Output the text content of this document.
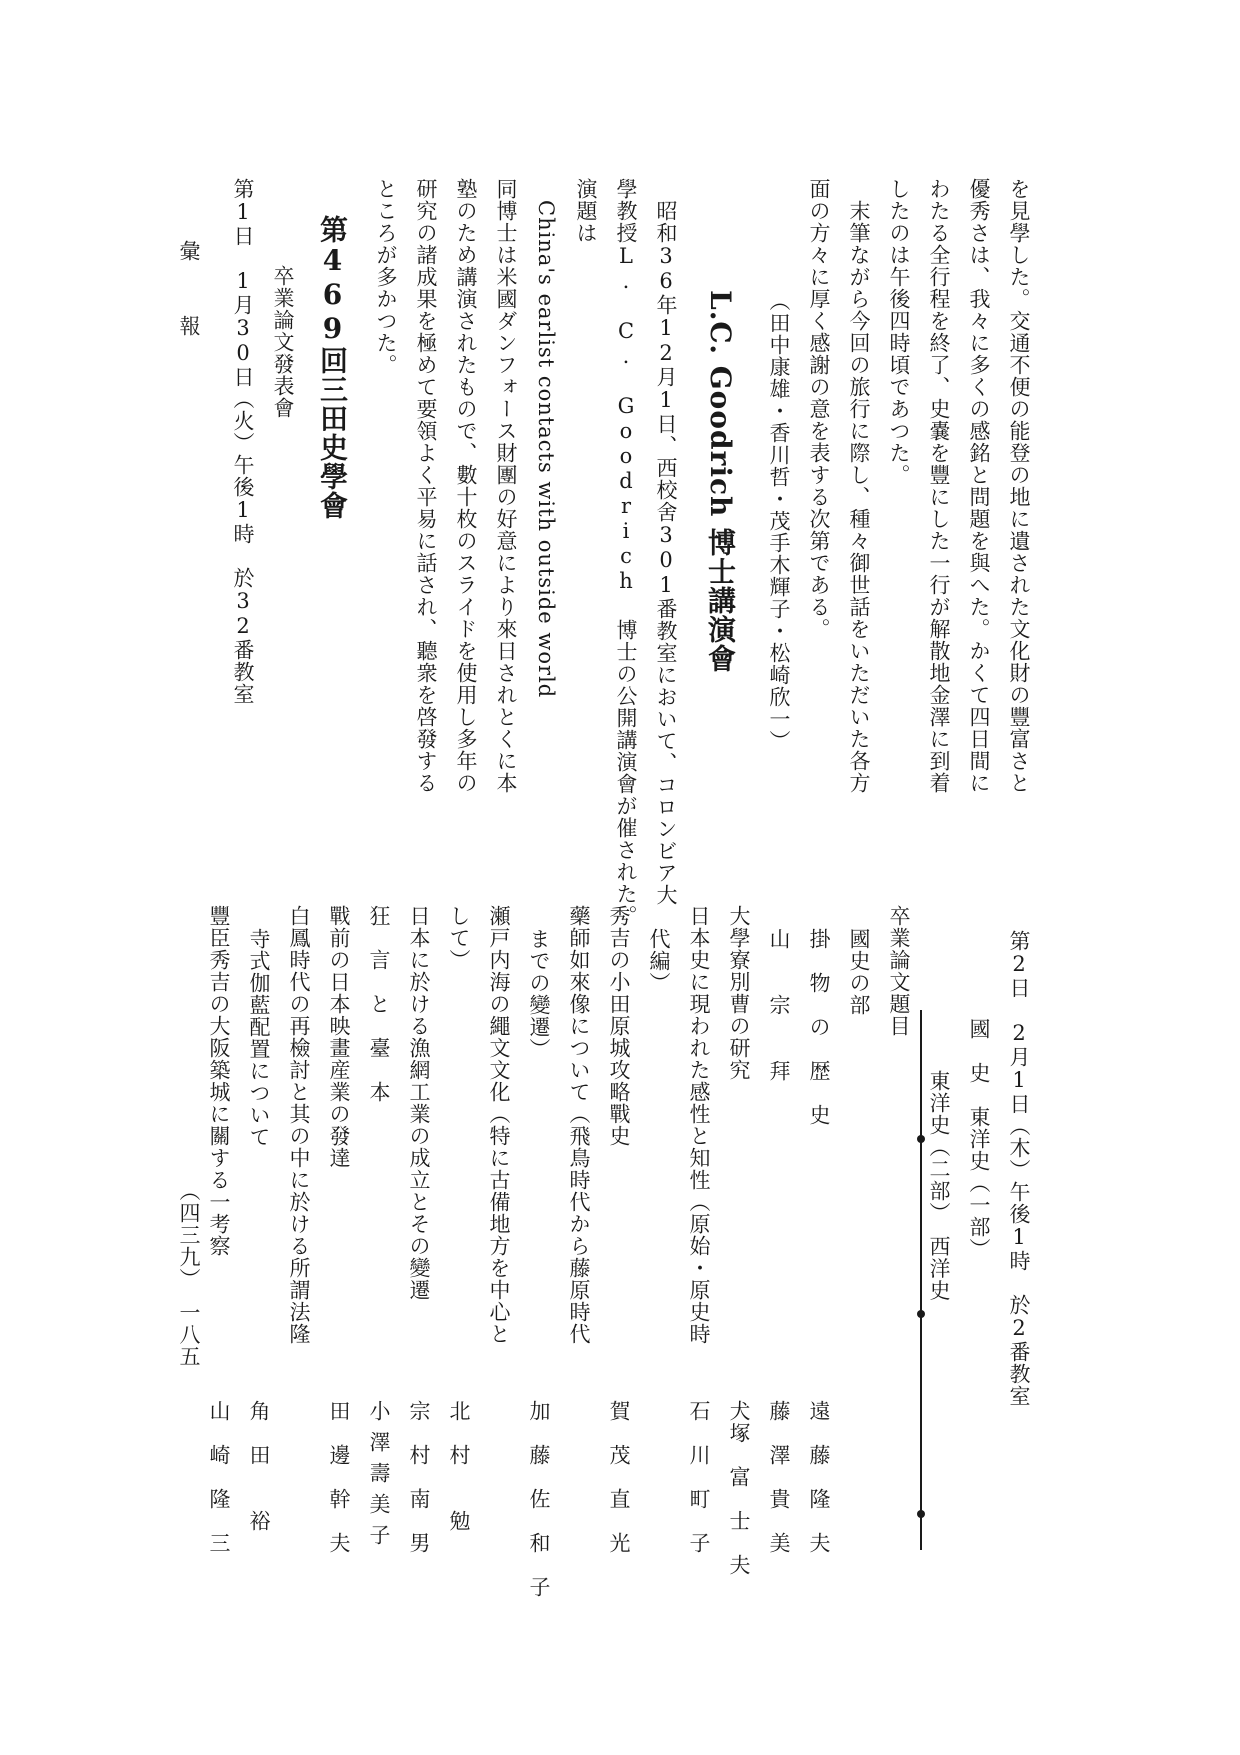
を見學した。交通不便の能登の地に遺された文化財の豐富さと
優秀さは、我々に多くの感銘と問題を與へた。かくて四日間に
わたる全行程を終了、史嚢を豐にした一行が解散地金澤に到着
したのは午後四時頃であつた。
末筆ながら今回の旅行に際し、種々御世話をいただいた各方
面の方々に厚く感謝の意を表する次第である。
（田中康雄・香川哲・茂手木輝子・松崎欣一）
L.C. Goodrich 博士講演會
昭和36年12月1日、西校舍301番教室において、コロンビア大
學教授L. C. Goodrich 博士の公開講演會が催された。
演題は
China's earlist contacts with outside world
同博士は米國ダンフォース財團の好意により來日されとくに本
塾のため講演されたもので、數十枚のスライドを使用し多年の
研究の諸成果を極めて要領よく平易に話され、聽衆を啓發する
ところが多かつた。
第469回三田史學會
卒業論文發表會
第1日　1月30日（火）午後1時　於32番教室
彙　　報
第2日　2月1日（木）午後1時　於2番教室
國　史　東洋史（一部）
東洋史（二部）　西洋史
卒業論文題目
國史の部
掛　物　の　歴　史
遠　藤　隆　夫
山　　宗　　拜
藤　澤　貴　美
大學寮別曹の研究
犬塚　富　士　夫
日本史に現われた感性と知性（原始・原史時
石　川　町　子
代編）
秀吉の小田原城攻略戰史
賀　茂　直　光
藥師如來像について（飛鳥時代から藤原時代
までの變遷）
加　藤　佐　和　子
瀬戸内海の繩文文化（特に古備地方を中心と
して）
北　村　　勉
日本に於ける漁網工業の成立とその變遷
宗　村　南　男
狂　言　と　臺　本
小澤壽美子
戰前の日本映畫産業の發達
田　邊　幹　夫
白鳳時代の再檢討と其の中に於ける所謂法隆
寺式伽藍配置について
角　田　　裕
豐臣秀吉の大阪築城に關する一考察
山　崎　隆　三
（四三九）　一八五
